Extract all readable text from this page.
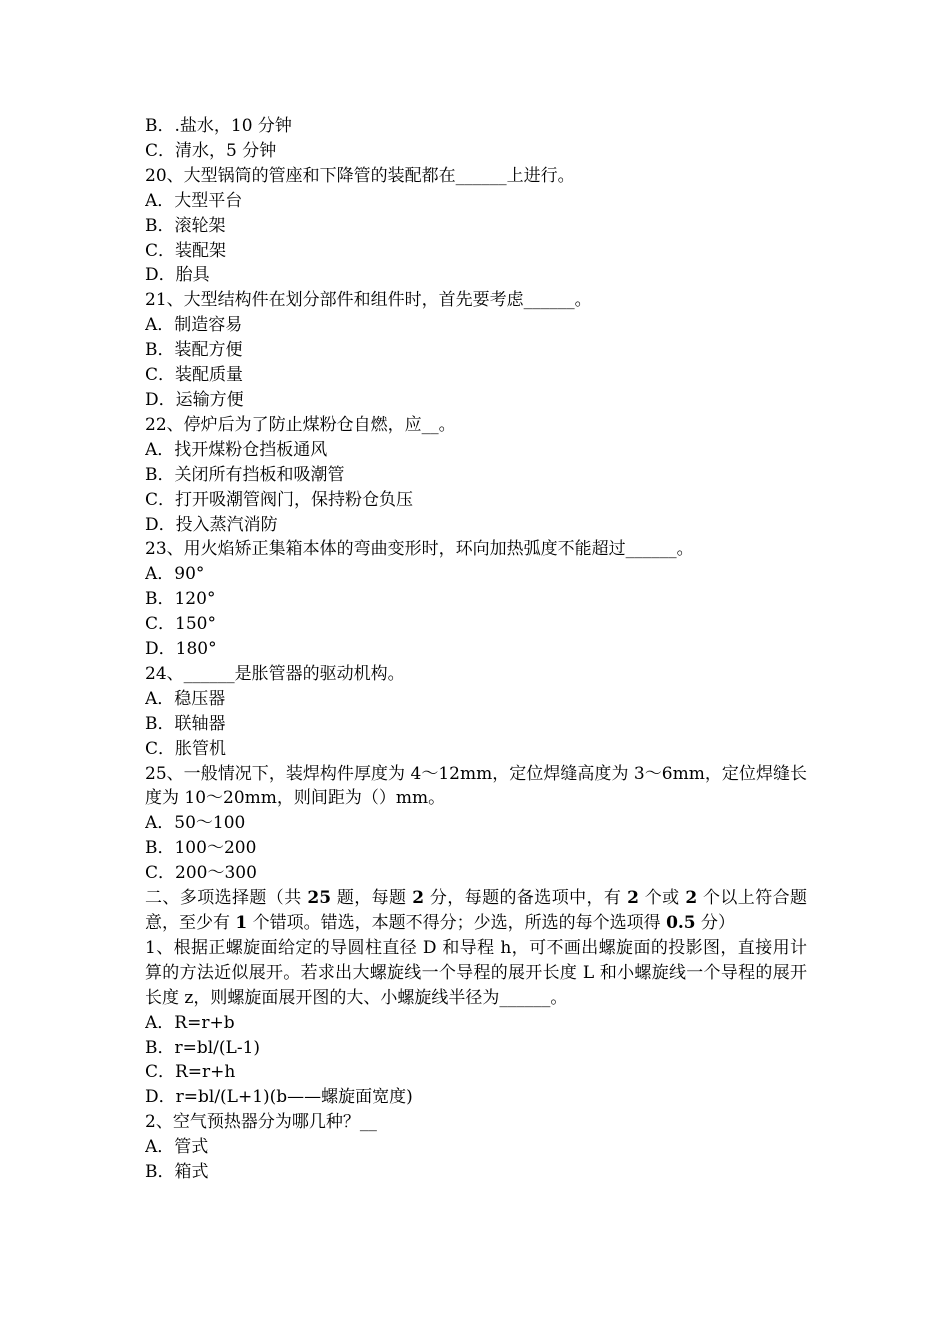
B．.盐水，10 分钟
C．清水，5 分钟
20、大型锅筒的管座和下降管的装配都在______上进行。
A．大型平台
B．滚轮架
C．装配架
D．胎具
21、大型结构件在划分部件和组件时，首先要考虑______。
A．制造容易
B．装配方便
C．装配质量
D．运输方便
22、停炉后为了防止煤粉仓自燃，应__。
A．找开煤粉仓挡板通风
B．关闭所有挡板和吸潮管
C．打开吸潮管阀门，保持粉仓负压
D．投入蒸汽消防
23、用火焰矫正集箱本体的弯曲变形时，环向加热弧度不能超过______。
A．90°
B．120°
C．150°
D．180°
24、______是胀管器的驱动机构。
A．稳压器
B．联轴器
C．胀管机
25、一般情况下，装焊构件厚度为 4～12mm，定位焊缝高度为 3～6mm，定位焊缝长度为 10～20mm，则间距为（）mm。
A．50～100
B．100～200
C．200～300
二、多项选择题（共 25 题，每题 2 分，每题的备选项中，有 2 个或 2 个以上符合题意，至少有 1 个错项。错选，本题不得分；少选，所选的每个选项得 0.5 分）
1、根据正螺旋面给定的导圆柱直径 D 和导程 h，可不画出螺旋面的投影图，直接用计算的方法近似展开。若求出大螺旋线一个导程的展开长度 L 和小螺旋线一个导程的展开长度 z，则螺旋面展开图的大、小螺旋线半径为______。
A．R=r+b
B．r=bl/(L-1)
C．R=r+h
D．r=bl/(L+1)(b——螺旋面宽度)
2、空气预热器分为哪几种？__
A．管式
B．箱式
